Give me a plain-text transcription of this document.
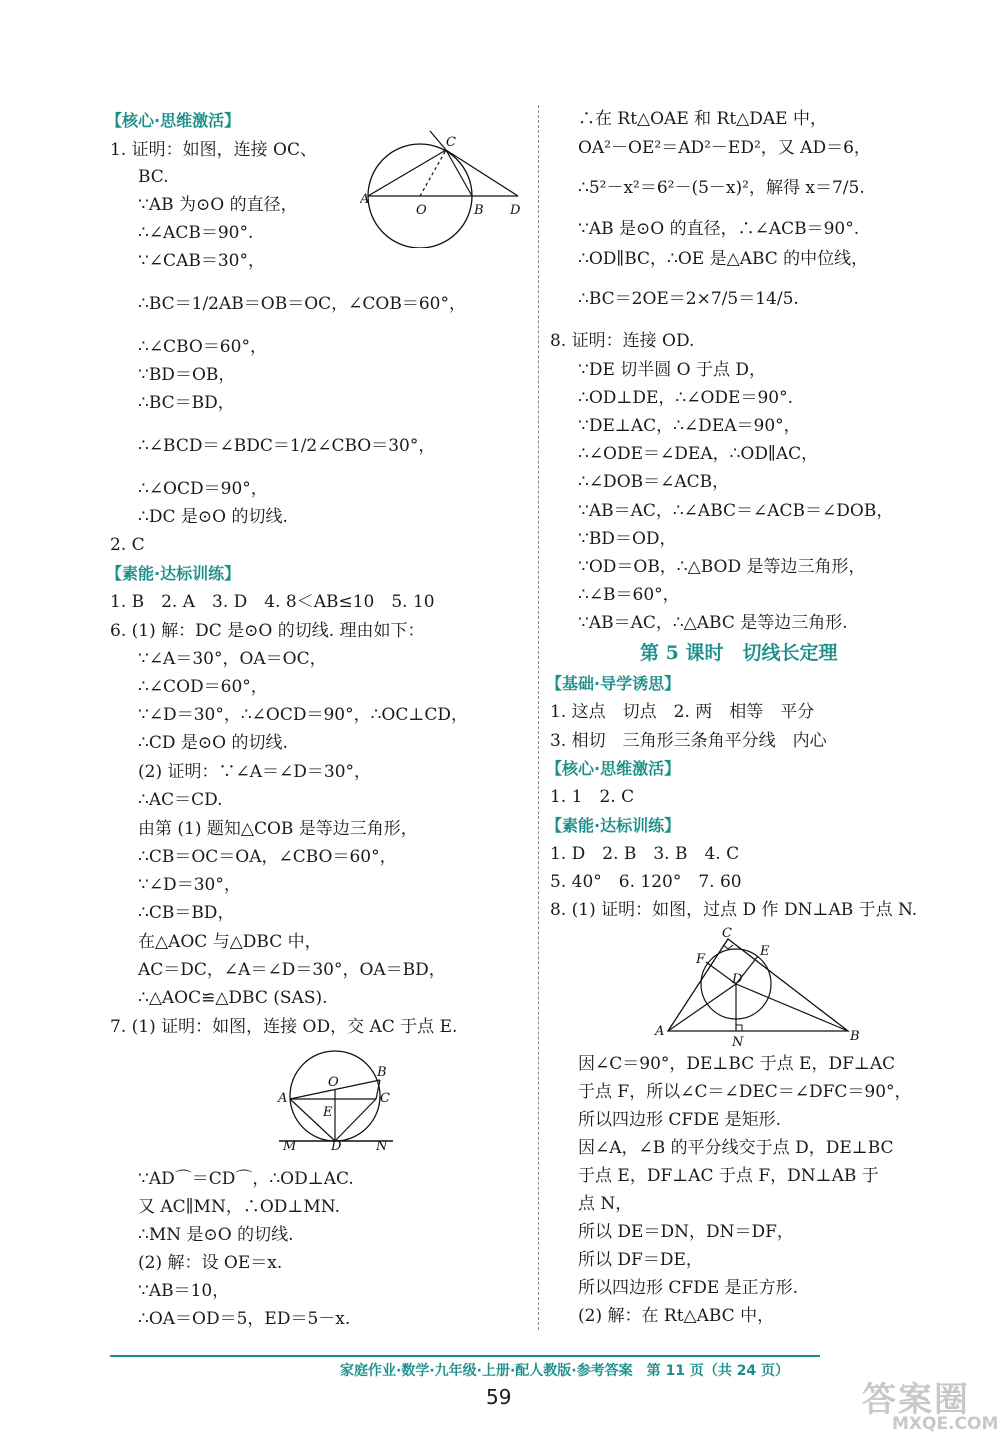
【核心·思维激活】
1. 证明：如图，连接 OC、
BC.
∵AB 为⊙O 的直径，
∴∠ACB＝90°.
∵∠CAB＝30°，
∴BC＝1/2AB＝OB＝OC，∠COB＝60°，
∴∠CBO＝60°，
∵BD＝OB，
∴BC＝BD，
∴∠BCD＝∠BDC＝1/2∠CBO＝30°，
∴∠OCD＝90°，
∴DC 是⊙O 的切线.
2. C
【素能·达标训练】
1. B　2. A　3. D　4. 8＜AB≤10　5. 10
6. (1) 解：DC 是⊙O 的切线. 理由如下：
∵∠A＝30°，OA＝OC，
∴∠COD＝60°，
∵∠D＝30°，∴∠OCD＝90°，∴OC⊥CD，
∴CD 是⊙O 的切线.
(2) 证明：∵∠A＝∠D＝30°，
∴AC＝CD.
由第 (1) 题知△COB 是等边三角形，
∴CB＝OC＝OA，∠CBO＝60°，
∵∠D＝30°，
∴CB＝BD，
在△AOC 与△DBC 中，
AC＝DC，∠A＝∠D＝30°，OA＝BD，
∴△AOC≌△DBC (SAS).
7. (1) 证明：如图，连接 OD，交 AC 于点 E.
∵AD⌒＝CD⌒，∴OD⊥AC.
又 AC∥MN，∴OD⊥MN.
∴MN 是⊙O 的切线.
(2) 解：设 OE＝x.
∵AB＝10，
∴OA＝OD＝5，ED＝5－x.
∴在 Rt△OAE 和 Rt△DAE 中，
OA²－OE²＝AD²－ED²，又 AD＝6，
∴5²－x²＝6²－(5－x)²，解得 x＝7/5.
∵AB 是⊙O 的直径，∴∠ACB＝90°.
∴OD∥BC，∴OE 是△ABC 的中位线，
∴BC＝2OE＝2×7/5＝14/5.
8. 证明：连接 OD.
∵DE 切半圆 O 于点 D，
∴OD⊥DE，∴∠ODE＝90°.
∵DE⊥AC，∴∠DEA＝90°，
∴∠ODE＝∠DEA，∴OD∥AC，
∴∠DOB＝∠ACB，
∵AB＝AC，∴∠ABC＝∠ACB＝∠DOB，
∵BD＝OD，
∵OD＝OB，∴△BOD 是等边三角形，
∴∠B＝60°，
∵AB＝AC，∴△ABC 是等边三角形.
第 5 课时　切线长定理
【基础·导学诱思】
1. 这点　切点　2. 两　相等　平分
3. 相切　三角形三条角平分线　内心
【核心·思维激活】
1. 1　2. C
【素能·达标训练】
1. D　2. B　3. B　4. C
5. 40°　6. 120°　7. 60
8. (1) 证明：如图，过点 D 作 DN⊥AB 于点 N.
因∠C＝90°，DE⊥BC 于点 E，DF⊥AC
于点 F，所以∠C＝∠DEC＝∠DFC＝90°，
所以四边形 CFDE 是矩形.
因∠A，∠B 的平分线交于点 D，DE⊥BC
于点 E，DF⊥AC 于点 F，DN⊥AB 于
点 N，
所以 DE＝DN，DN＝DF，
所以 DF＝DE，
所以四边形 CFDE 是正方形.
(2) 解：在 Rt△ABC 中，
A
O	B
C
D
O
B
A
E
C
M	D	N
C
E
F
D
A
N	B
家庭作业·数学·九年级·上册·配人教版·参考答案　第 11 页（共 24 页）
59	答案圈
MXQE.COM
